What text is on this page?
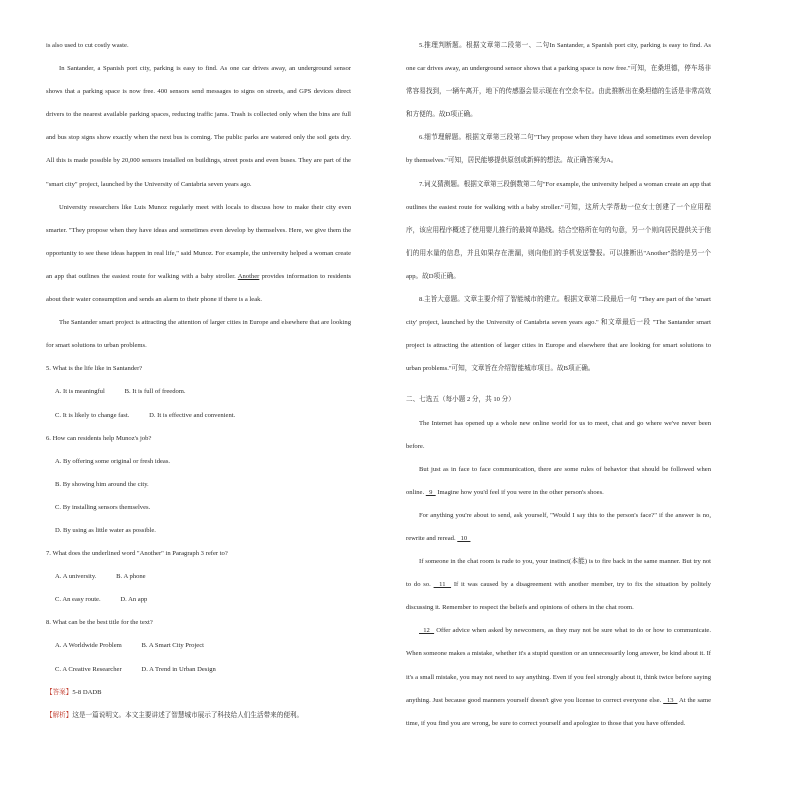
is also used to cut costly waste.

In Santander, a Spanish port city, parking is easy to find. As one car drives away, an underground sensor shows that a parking space is now free. 400 sensors send messages to signs on streets, and GPS devices direct drivers to the nearest available parking spaces, reducing traffic jams. Trash is collected only when the bins are full and bus stop signs show exactly when the next bus is coming. The public parks are watered only the soil gets dry. All this is made possible by 20,000 sensors installed on buildings, street posts and even buses. They are part of the "smart city" project, launched by the University of Cantabria seven years ago.

University researchers like Luis Munoz regularly meet with locals to discuss how to make their city even smarter. "They propose when they have ideas and sometimes even develop by themselves. Here, we give them the opportunity to see these ideas happen in real life," said Munoz. For example, the university helped a woman create an app that outlines the easiest route for walking with a baby stroller. Another provides information to residents about their water consumption and sends an alarm to their phone if there is a leak.

The Santander smart project is attracting the attention of larger cities in Europe and elsewhere that are looking for smart solutions to urban problems.

5. What is the life like in Santander?

A. It is meaningful            B. It is full of freedom.

C. It is likely to change fast.            D. It is effective and convenient.

6. How can residents help Munoz's job?

A. By offering some original or fresh ideas.

B. By showing him around the city.

C. By installing sensors themselves.

D. By using as little water as possible.

7. What does the underlined word "Another" in Paragraph 3 refer to?

A. A university.            B. A phone

C. An easy route.            D. An app

8. What can be the best title for the text?

A. A Worldwide Problem            B. A Smart City Project

C. A Creative Researcher            D. A Trend in Urban Design

【答案】5-8 DADB

【解析】这是一篇说明文。本文主要讲述了智慧城市展示了科技给人们生活带来的便利。

5.推理判断题。根据文章第二段第一、二句In Santander, a Spanish port city, parking is easy to find. As one car drives away, an underground sensor shows that a parking space is now free."可知，在桑坦德，停车场非常容易找到，一辆车离开，地下的传感器会显示现在有空余车位。由此推断出在桑坦德的生活是非常高效和方便的。故D项正确。

6.细节理解题。根据文章第三段第二句"They propose when they have ideas and sometimes even develop by themselves."可知，居民能够提供原创或新鲜的想法。故正确答案为A。

7.词义猜测题。根据文章第三段倒数第二句"For example, the university helped a woman create an app that outlines the easiest route for walking with a baby stroller."可知，这所大学帮助一位女士创建了一个应用程序，该应用程序概述了使用婴儿推行的最简单路线。结合空格所在句的句意，另一个则向居民提供关于他们的用水量的信息，并且如果存在泄漏，则向他们的手机发送警报。可以推断出"Another"指的是另一个app。故D项正确。

8.主旨大意题。文章主要介绍了智能城市的建立。根据文章第二段最后一句 "They are part of the 'smart city' project, launched by the University of Cantabria seven years ago." 和文章最后一段 "The Santander smart project is attracting the attention of larger cities in Europe and elsewhere that are looking for smart solutions to urban problems."可知，文章旨在介绍智能城市项目。故B项正确。

二、七选五（每小题 2 分，共 10 分）

The Internet has opened up a whole new online world for us to meet, chat and go where we've never been before.

But just as in face to face communication, there are some rules of behavior that should be followed when online.   9   Imagine how you'd feel if you were in the other person's shoes.

For anything you're about to send, ask yourself, "Would I say this to the person's face?" if the answer is no, rewrite and reread.   10

If someone in the chat room is rude to you, your instinct(本能) is to fire back in the same manner. But try not to do so.   11   If it was caused by a disagreement with another member, try to fix the situation by politely discussing it. Remember to respect the beliefs and opinions of others in the chat room.

12   Offer advice when asked by newcomers, as they may not be sure what to do or how to communicate. When someone makes a mistake, whether it's a stupid question or an unnecessarily long answer, be kind about it. If it's a small mistake, you may not need to say anything. Even if you feel strongly about it, think twice before saying anything. Just because good manners yourself doesn't give you license to correct everyone else.   13   At the same time, if you find you are wrong, be sure to correct yourself and apologize to those that you have offended.
